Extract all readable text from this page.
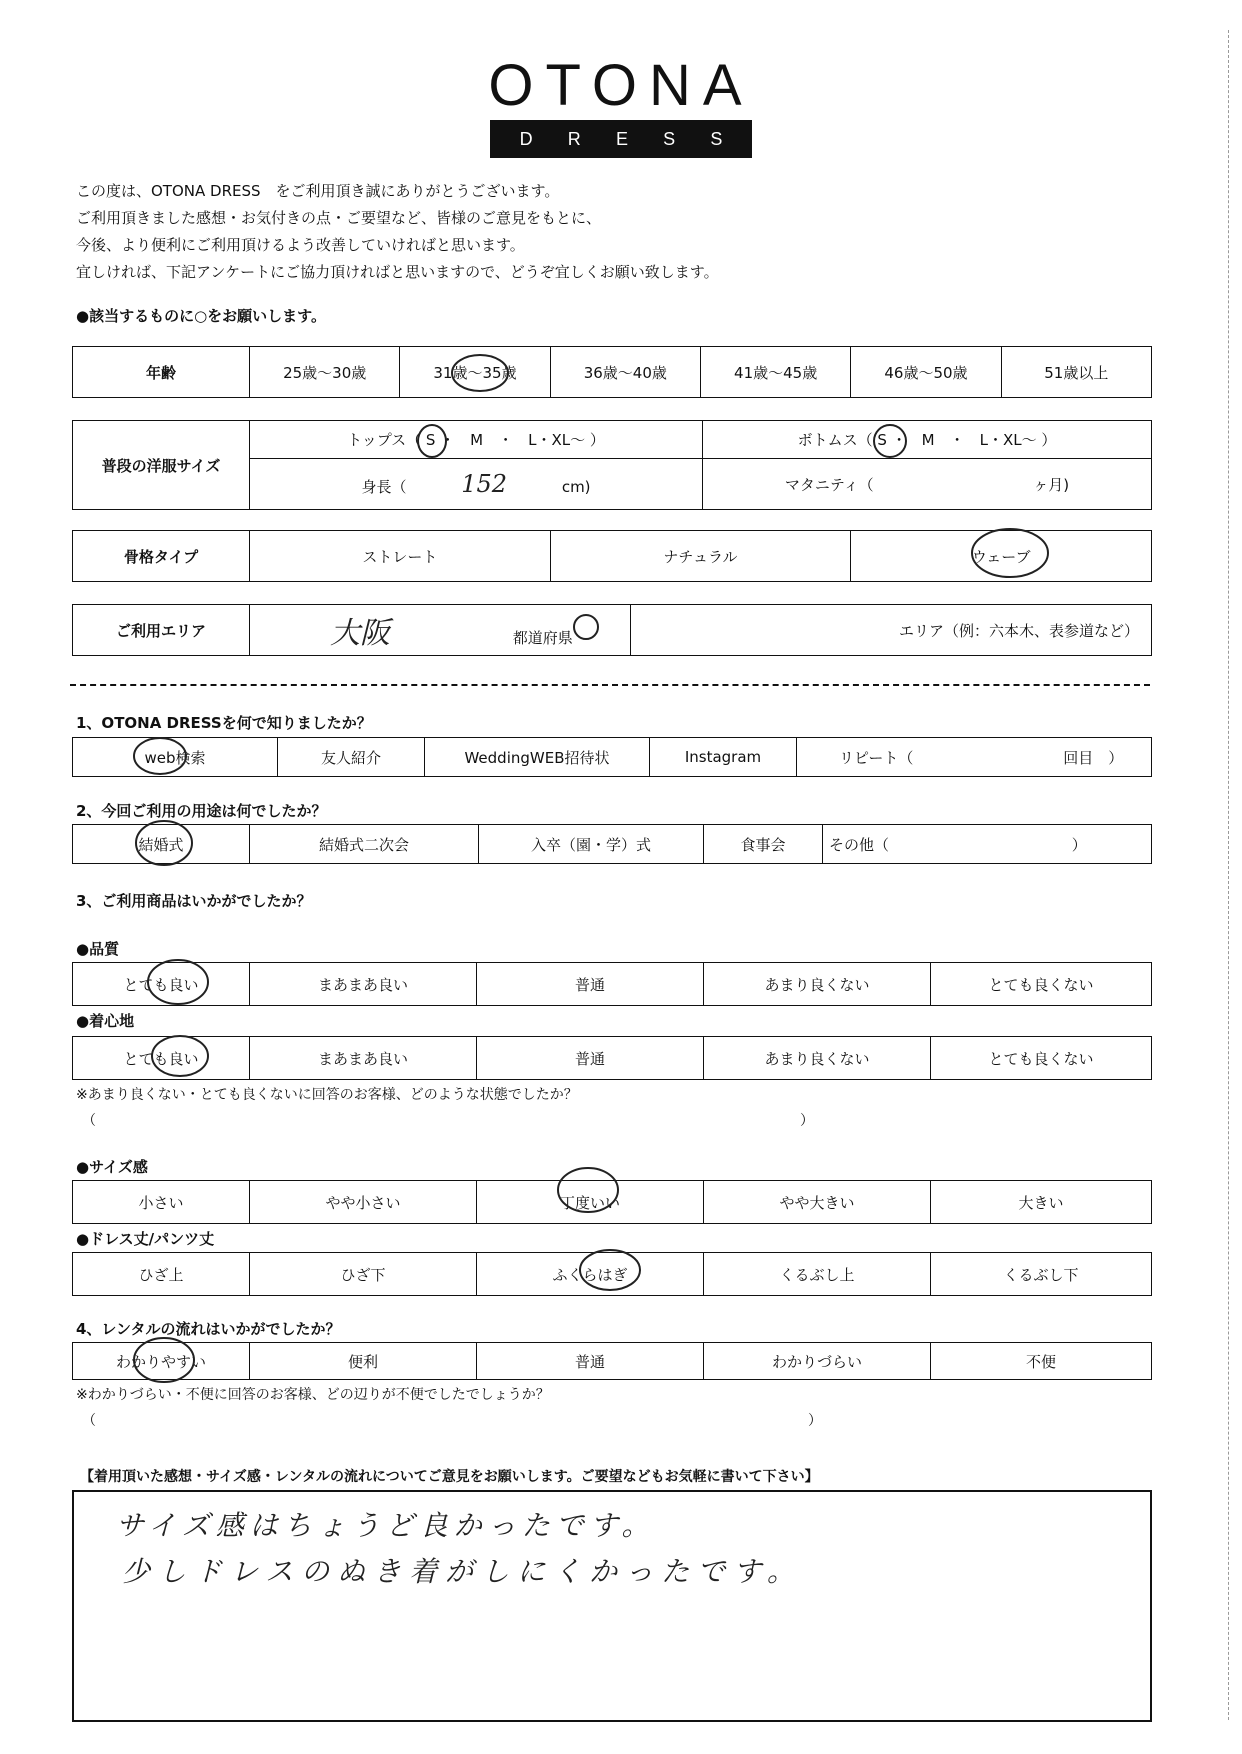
OTONA
D R E S S
この度は、OTONA DRESS　をご利用頂き誠にありがとうございます。
ご利用頂きました感想・お気付きの点・ご要望など、皆様のご意見をもとに、
今後、より便利にご利用頂けるよう改善していければと思います。
宜しければ、下記アンケートにご協力頂ければと思いますので、どうぞ宜しくお願い致します。
●該当するものに○をお願いします。
年齢	25歳～30歳	31歳～35歳	36歳～40歳	41歳～45歳	46歳～50歳	51歳以上
普段の洋服サイズ	トップス（ S ・　M　・　L・XL～ ）	ボトムス（ S ・　M　・　L・XL～ ）
	身長（ 152 cm)	マタニティ（ ヶ月)
骨格タイプ	ストレート	ナチュラル	ウェーブ
ご利用エリア	大阪	都道府県	エリア（例：六本木、表参道など）
1、OTONA DRESSを何で知りましたか？
web検索	友人紹介	WeddingWEB招待状	Instagram	リピート（	回目　）
2、今回ご利用の用途は何でしたか？
結婚式	結婚式二次会	入卒（園・学）式	食事会	その他（	）
3、ご利用商品はいかがでしたか？
●品質
とても良い	まあまあ良い	普通	あまり良くない	とても良くない
●着心地
とても良い	まあまあ良い	普通	あまり良くない	とても良くない
※あまり良くない・とても良くないに回答のお客様、どのような状態でしたか？
（	）
●サイズ感
小さい	やや小さい	丁度いい	やや大きい	大きい
●ドレス丈/パンツ丈
ひざ上	ひざ下	ふくらはぎ	くるぶし上	くるぶし下
4、レンタルの流れはいかがでしたか？
わかりやすい	便利	普通	わかりづらい	不便
※わかりづらい・不便に回答のお客様、どの辺りが不便でしたでしょうか？
（	）
【着用頂いた感想・サイズ感・レンタルの流れについてご意見をお願いします。ご要望などもお気軽に書いて下さい】
サイズ感はちょうど良かったです。
少しドレスのぬき着がしにくかったです。
